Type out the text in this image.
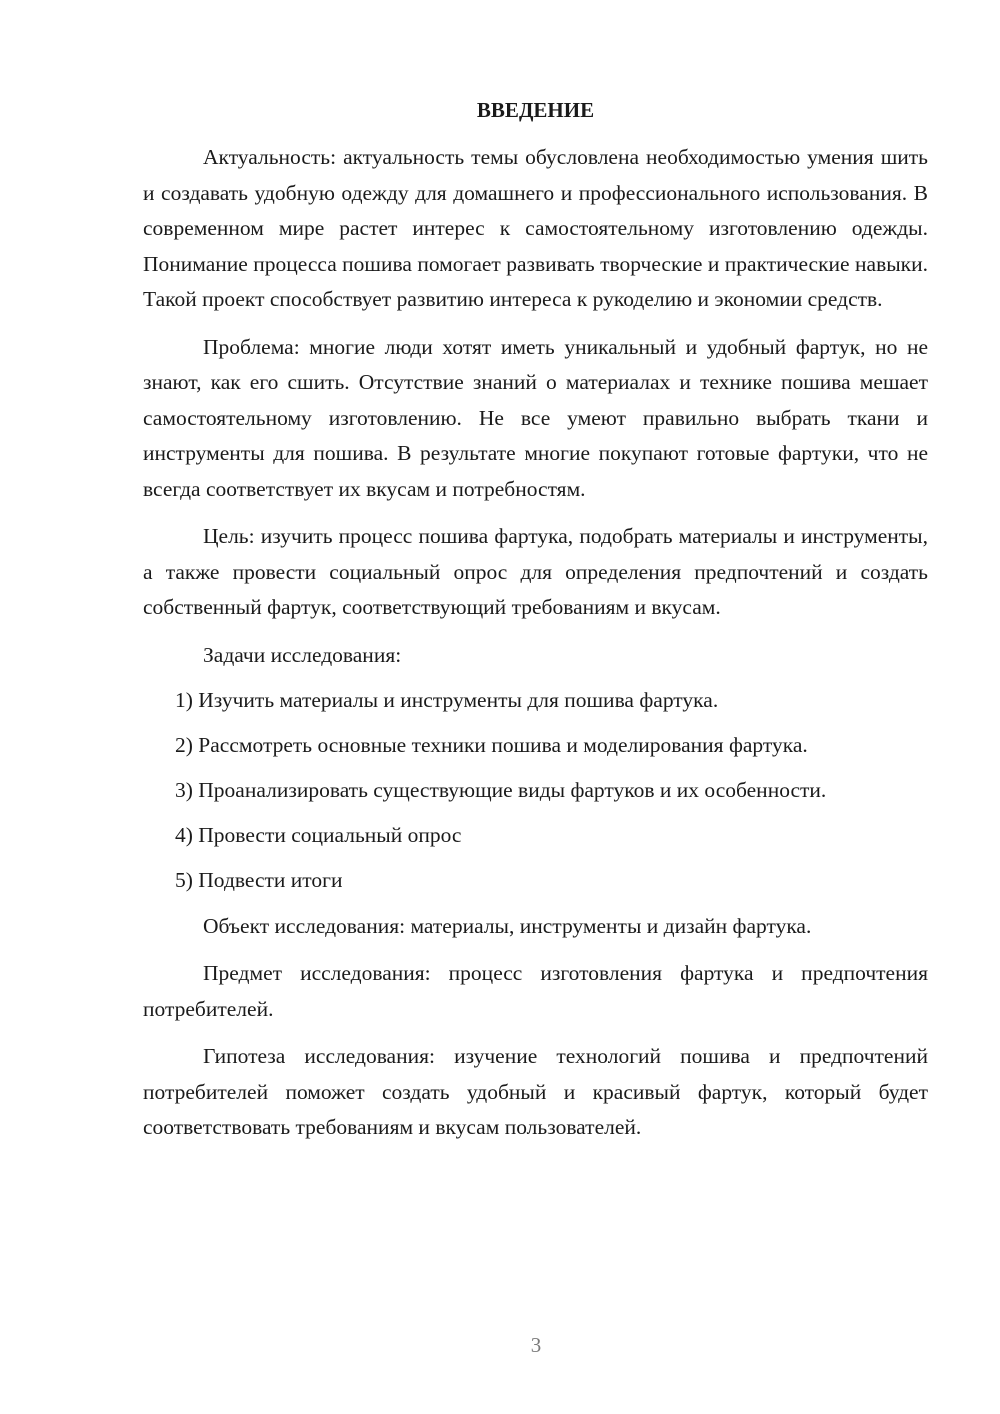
ВВЕДЕНИЕ

Актуальность: актуальность темы обусловлена необходимостью умения шить и создавать удобную одежду для домашнего и профессионального использования. В современном мире растет интерес к самостоятельному изготовлению одежды. Понимание процесса пошива помогает развивать творческие и практические навыки. Такой проект способствует развитию интереса к рукоделию и экономии средств.

Проблема: многие люди хотят иметь уникальный и удобный фартук, но не знают, как его сшить. Отсутствие знаний о материалах и технике пошива мешает самостоятельному изготовлению. Не все умеют правильно выбрать ткани и инструменты для пошива. В результате многие покупают готовые фартуки, что не всегда соответствует их вкусам и потребностям.

Цель: изучить процесс пошива фартука, подобрать материалы и инструменты, а также провести социальный опрос для определения предпочтений и создать собственный фартук, соответствующий требованиям и вкусам.

Задачи исследования:
1) Изучить материалы и инструменты для пошива фартука.
2) Рассмотреть основные техники пошива и моделирования фартука.
3) Проанализировать существующие виды фартуков и их особенности.
4) Провести социальный опрос
5) Подвести итоги

Объект исследования: материалы, инструменты и дизайн фартука.

Предмет исследования: процесс изготовления фартука и предпочтения потребителей.

Гипотеза исследования: изучение технологий пошива и предпочтений потребителей поможет создать удобный и красивый фартук, который будет соответствовать требованиям и вкусам пользователей.

3
